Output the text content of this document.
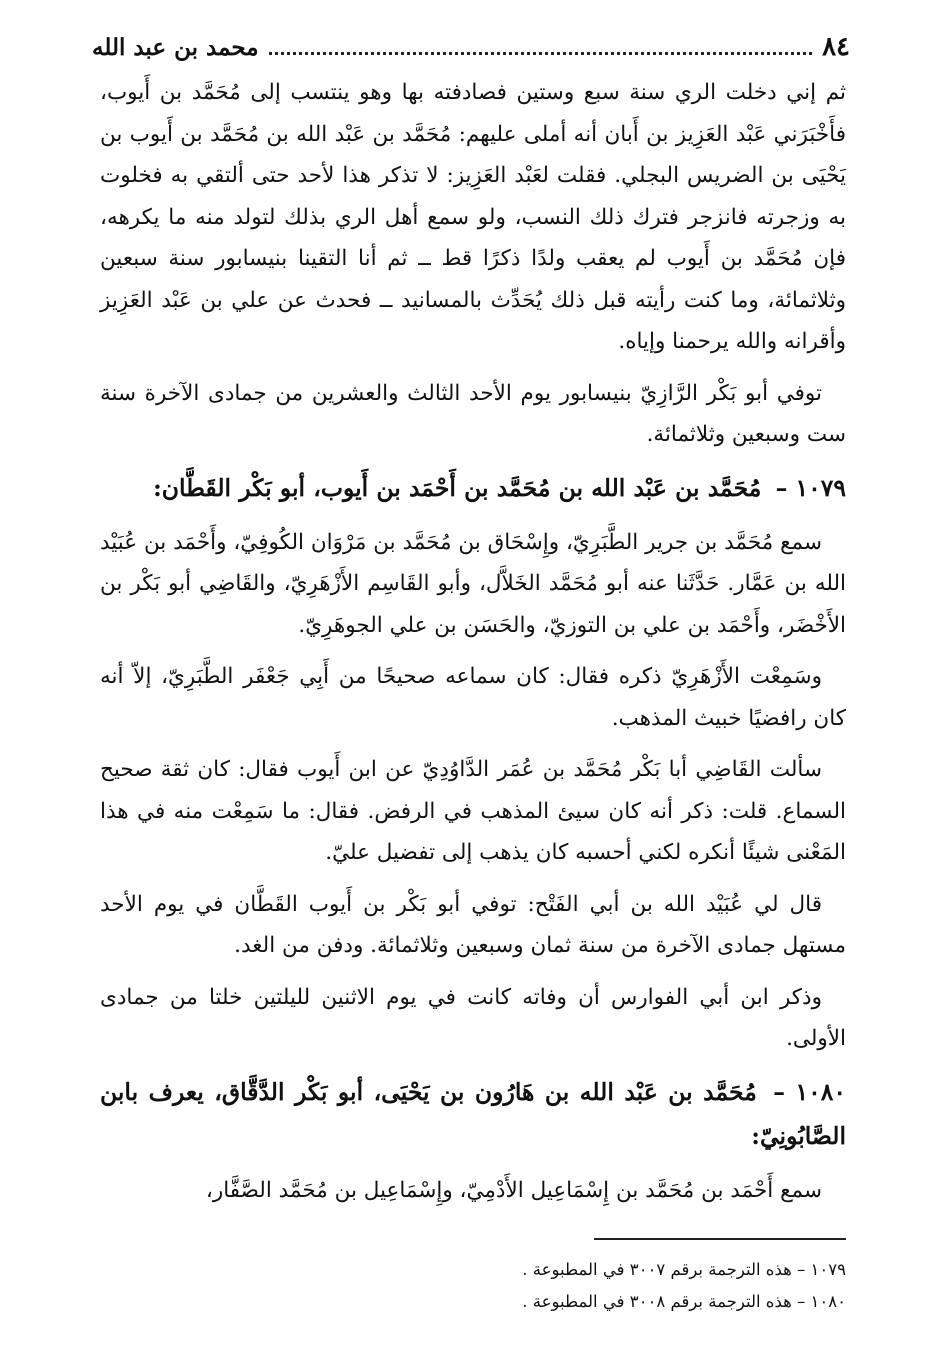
٨٤
محمد بن عبد الله

ثم إني دخلت الري سنة سبع وستين فصادفته بها وهو ينتسب إلى مُحَمَّد بن أَيوب، فأَخْبَرَني عَبْد العَزِيز بن أَبان أنه أملى عليهم: مُحَمَّد بن عَبْد الله بن مُحَمَّد بن أَيوب بن يَحْيَى بن الضريس البجلي. فقلت لعَبْد العَزِيز: لا تذكر هذا لأحد حتى ألتقي به فخلوت به وزجرته فانزجر فترك ذلك النسب، ولو سمع أهل الري بذلك لتولد منه ما يكرهه، فإن مُحَمَّد بن أَيوب لم يعقب ولدًا ذكرًا قط ــ ثم أنا التقينا بنيسابور سنة سبعين وثلاثمائة، وما كنت رأيته قبل ذلك يُحَدِّث بالمسانيد ــ فحدث عن علي بن عَبْد العَزِيز وأقرانه والله يرحمنا وإياه.

توفي أبو بَكْر الرَّازِيّ بنيسابور يوم الأحد الثالث والعشرين من جمادى الآخرة سنة ست وسبعين وثلاثمائة.

١٠٧٩ – مُحَمَّد بن عَبْد الله بن مُحَمَّد بن أَحْمَد بن أَيوب، أبو بَكْر القَطَّان:

سمع مُحَمَّد بن جرير الطَّبَرِيّ، وإِسْحَاق بن مُحَمَّد بن مَرْوَان الكُوفِيّ، وأَحْمَد بن عُبَيْد الله بن عَمَّار. حَدَّثَنا عنه أبو مُحَمَّد الخَلاَّل، وأبو القَاسِم الأَزْهَرِيّ، والقَاضِي أبو بَكْر بن الأَخْضَر، وأَحْمَد بن علي بن التوزيّ، والحَسَن بن علي الجوهَرِيّ.

وسَمِعْت الأَزْهَرِيّ ذكره فقال: كان سماعه صحيحًا من أَبِي جَعْفَر الطَّبَرِيّ، إلاّ أنه كان رافضيًا خبيث المذهب.

سألت القَاضِي أبا بَكْر مُحَمَّد بن عُمَر الدَّاوُدِيّ عن ابن أَيوب فقال: كان ثقة صحيح السماع. قلت: ذكر أنه كان سيئ المذهب في الرفض. فقال: ما سَمِعْت منه في هذا المَعْنى شيئًا أنكره لكني أحسبه كان يذهب إلى تفضيل عليّ.

قال لي عُبَيْد الله بن أبي الفَتْح: توفي أبو بَكْر بن أَيوب القَطَّان في يوم الأحد مستهل جمادى الآخرة من سنة ثمان وسبعين وثلاثمائة. ودفن من الغد.

وذكر ابن أبي الفوارس أن وفاته كانت في يوم الاثنين لليلتين خلتا من جمادى الأولى.

١٠٨٠ – مُحَمَّد بن عَبْد الله بن هَارُون بن يَحْيَى، أبو بَكْر الدَّقَّاق، يعرف بابن الصَّابُونِيّ:

سمع أَحْمَد بن مُحَمَّد بن إِسْمَاعِيل الأَدْمِيّ، وإِسْمَاعِيل بن مُحَمَّد الصَّفَّار،

١٠٧٩ – هذه الترجمة برقم ٣٠٠٧ في المطبوعة .
١٠٨٠ – هذه الترجمة برقم ٣٠٠٨ في المطبوعة .
